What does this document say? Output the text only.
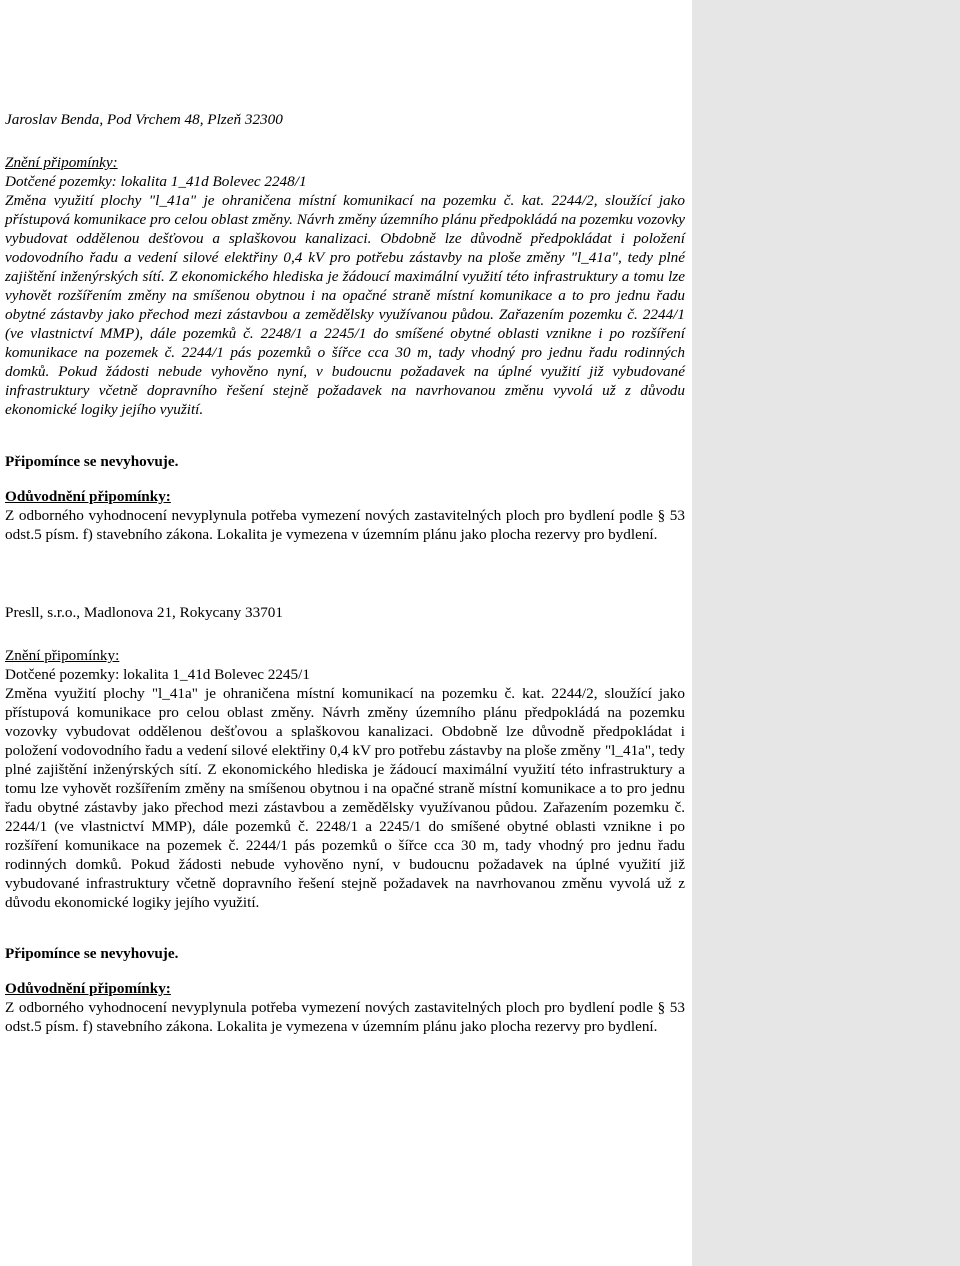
Jaroslav Benda, Pod Vrchem 48, Plzeň 32300

Znění připomínky:

Dotčené pozemky: lokalita 1_41d Bolevec 2248/1

Změna využití plochy "l_41a" je ohraničena místní komunikací na pozemku č. kat. 2244/2, sloužící jako přístupová komunikace pro celou oblast změny. Návrh změny územního plánu předpokládá na pozemku vozovky vybudovat oddělenou dešťovou a splaškovou kanalizaci. Obdobně lze důvodně předpokládat i položení vodovodního řadu a vedení silové elektřiny 0,4 kV pro potřebu zástavby na ploše změny "l_41a", tedy plné zajištění inženýrských sítí. Z ekonomického hlediska je žádoucí maximální využití této infrastruktury a tomu lze vyhovět rozšířením změny na smíšenou obytnou i na opačné straně místní komunikace a to pro jednu řadu obytné zástavby jako přechod mezi zástavbou a zemědělsky využívanou půdou. Zařazením pozemku č. 2244/1 (ve vlastnictví MMP), dále pozemků č. 2248/1 a 2245/1 do smíšené obytné oblasti vznikne i po rozšíření komunikace na pozemek č. 2244/1 pás pozemků o šířce cca 30 m, tady vhodný pro jednu řadu rodinných domků. Pokud žádosti nebude vyhověno nyní, v budoucnu požadavek na úplné využití již vybudované infrastruktury včetně dopravního řešení stejně požadavek na navrhovanou změnu vyvolá už z důvodu ekonomické logiky jejího využití.

Připomínce se nevyhovuje.

Odůvodnění připomínky:

Z odborného vyhodnocení nevyplynula potřeba vymezení nových zastavitelných ploch pro bydlení podle § 53 odst.5 písm. f) stavebního zákona. Lokalita je vymezena v územním plánu jako plocha rezervy pro bydlení.

Presll, s.r.o., Madlonova 21, Rokycany 33701

Znění připomínky:

Dotčené pozemky: lokalita 1_41d Bolevec 2245/1

Změna využití plochy "l_41a" je ohraničena místní komunikací na pozemku č. kat. 2244/2, sloužící jako přístupová komunikace pro celou oblast změny. Návrh změny územního plánu předpokládá na pozemku vozovky vybudovat oddělenou dešťovou a splaškovou kanalizaci. Obdobně lze důvodně předpokládat i položení vodovodního řadu a vedení silové elektřiny 0,4 kV pro potřebu zástavby na ploše změny "l_41a", tedy plné zajištění inženýrských sítí. Z ekonomického hlediska je žádoucí maximální využití této infrastruktury a tomu lze vyhovět rozšířením změny na smíšenou obytnou i na opačné straně místní komunikace a to pro jednu řadu obytné zástavby jako přechod mezi zástavbou a zemědělsky využívanou půdou. Zařazením pozemku č. 2244/1 (ve vlastnictví MMP), dále pozemků č. 2248/1 a 2245/1 do smíšené obytné oblasti vznikne i po rozšíření komunikace na pozemek č. 2244/1 pás pozemků o šířce cca 30 m, tady vhodný pro jednu řadu rodinných domků. Pokud žádosti nebude vyhověno nyní, v budoucnu požadavek na úplné využití již vybudované infrastruktury včetně dopravního řešení stejně požadavek na navrhovanou změnu vyvolá už z důvodu ekonomické logiky jejího využití.

Připomínce se nevyhovuje.

Odůvodnění připomínky:

Z odborného vyhodnocení nevyplynula potřeba vymezení nových zastavitelných ploch pro bydlení podle § 53 odst.5 písm. f) stavebního zákona. Lokalita je vymezena v územním plánu jako plocha rezervy pro bydlení.
